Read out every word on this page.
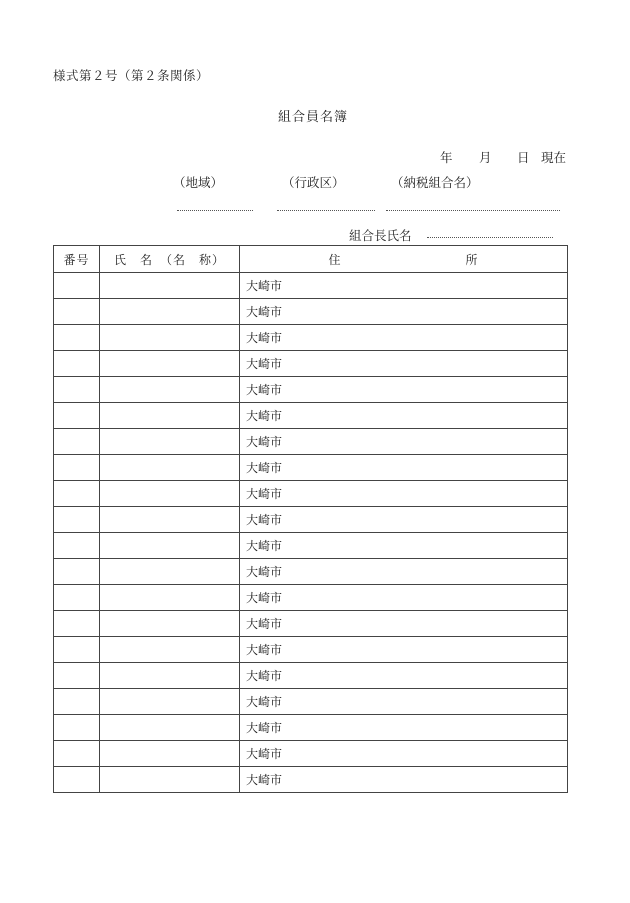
様式第２号（第２条関係）
組合員名簿
年 月 日 現在
（地域）	（行政区）	（納税組合名）
組合長氏名
番号	氏　名　（名　称）	住 所
		大崎市
		大崎市
		大崎市
		大崎市
		大崎市
		大崎市
		大崎市
		大崎市
		大崎市
		大崎市
		大崎市
		大崎市
		大崎市
		大崎市
		大崎市
		大崎市
		大崎市
		大崎市
		大崎市
		大崎市
